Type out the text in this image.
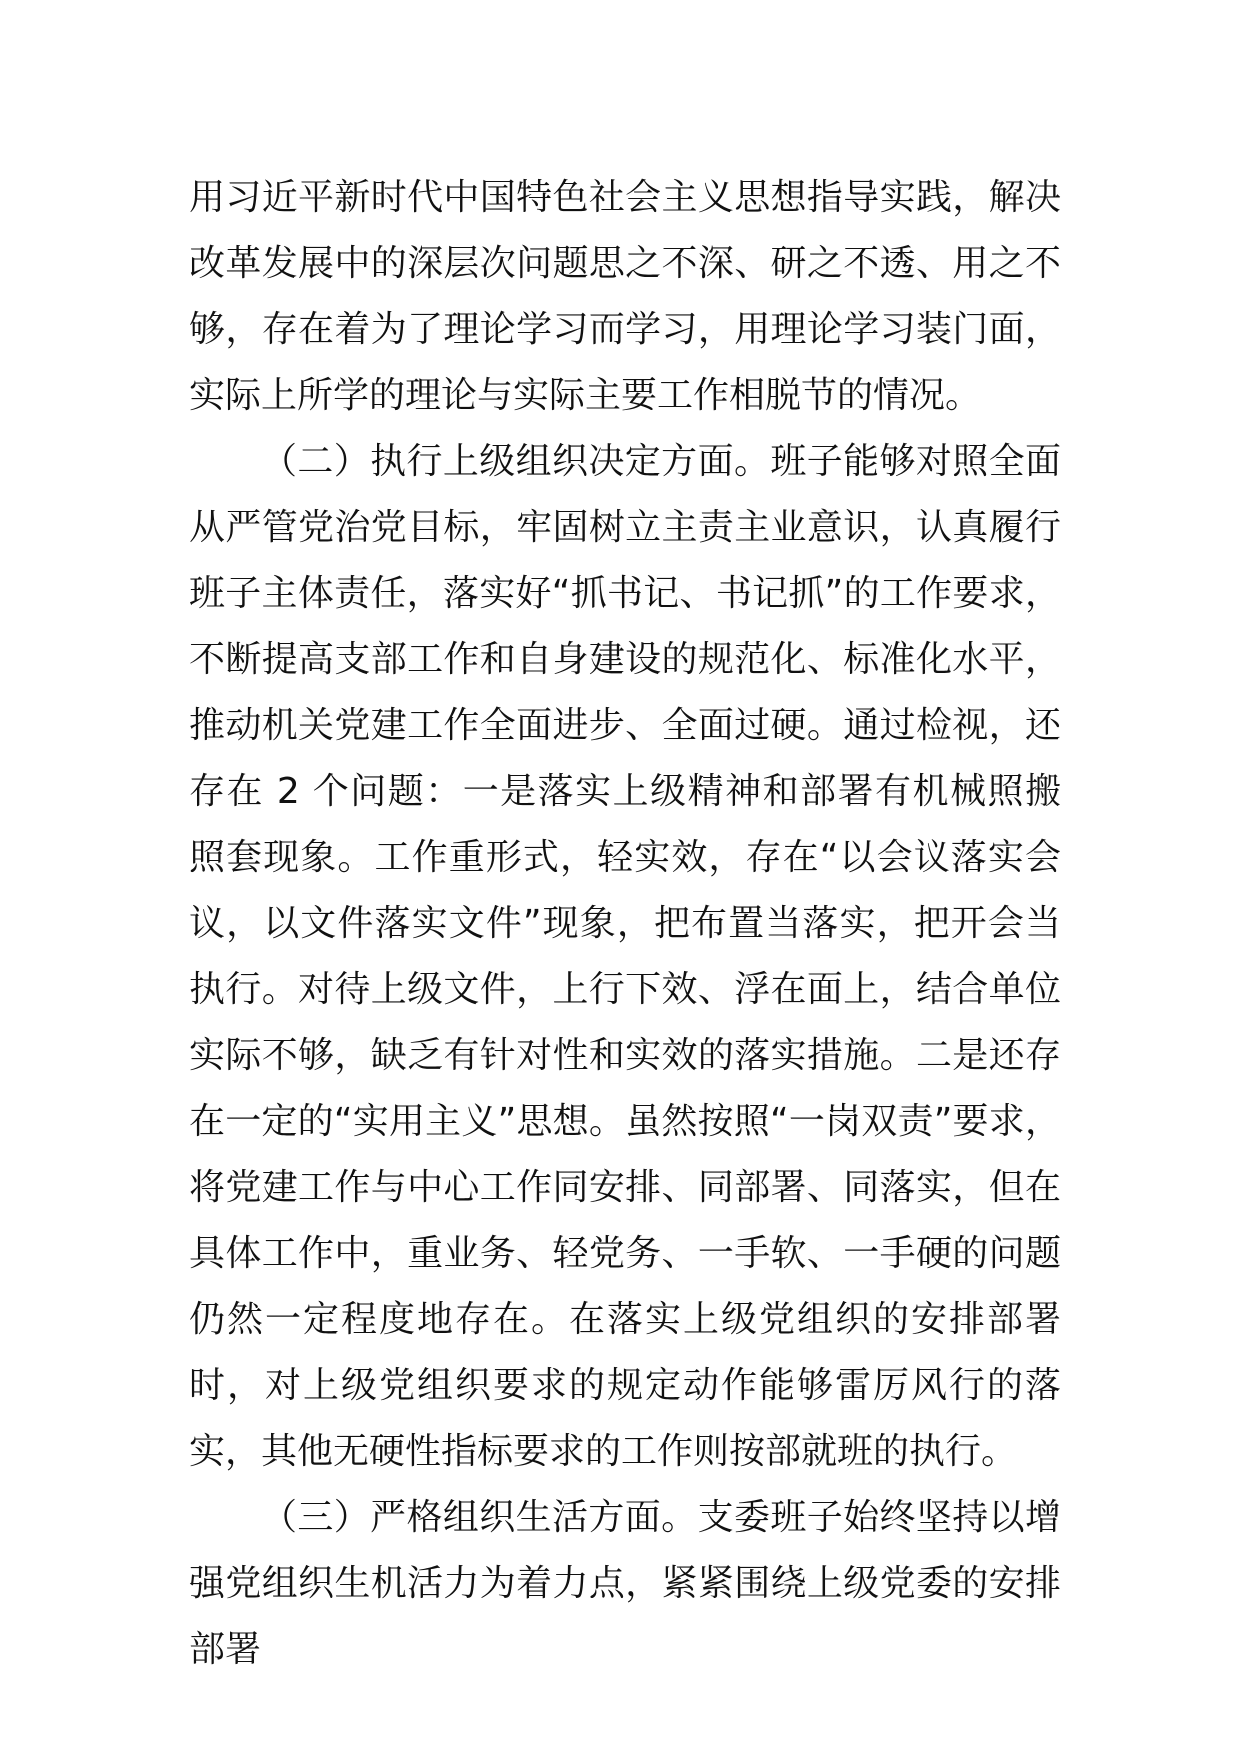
用习近平新时代中国特色社会主义思想指导实践，解决改革发展中的深层次问题思之不深、研之不透、用之不够，存在着为了理论学习而学习，用理论学习装门面，实际上所学的理论与实际主要工作相脱节的情况。

（二）执行上级组织决定方面。班子能够对照全面从严管党治党目标，牢固树立主责主业意识，认真履行班子主体责任，落实好“抓书记、书记抓”的工作要求，不断提高支部工作和自身建设的规范化、标准化水平，推动机关党建工作全面进步、全面过硬。通过检视，还存在 2 个问题：一是落实上级精神和部署有机械照搬照套现象。工作重形式，轻实效，存在“以会议落实会议，以文件落实文件”现象，把布置当落实，把开会当执行。对待上级文件，上行下效、浮在面上，结合单位实际不够，缺乏有针对性和实效的落实措施。二是还存在一定的“实用主义”思想。虽然按照“一岗双责”要求，将党建工作与中心工作同安排、同部署、同落实，但在具体工作中，重业务、轻党务、一手软、一手硬的问题仍然一定程度地存在。在落实上级党组织的安排部署时，对上级党组织要求的规定动作能够雷厉风行的落实，其他无硬性指标要求的工作则按部就班的执行。

（三）严格组织生活方面。支委班子始终坚持以增强党组织生机活力为着力点，紧紧围绕上级党委的安排部署
